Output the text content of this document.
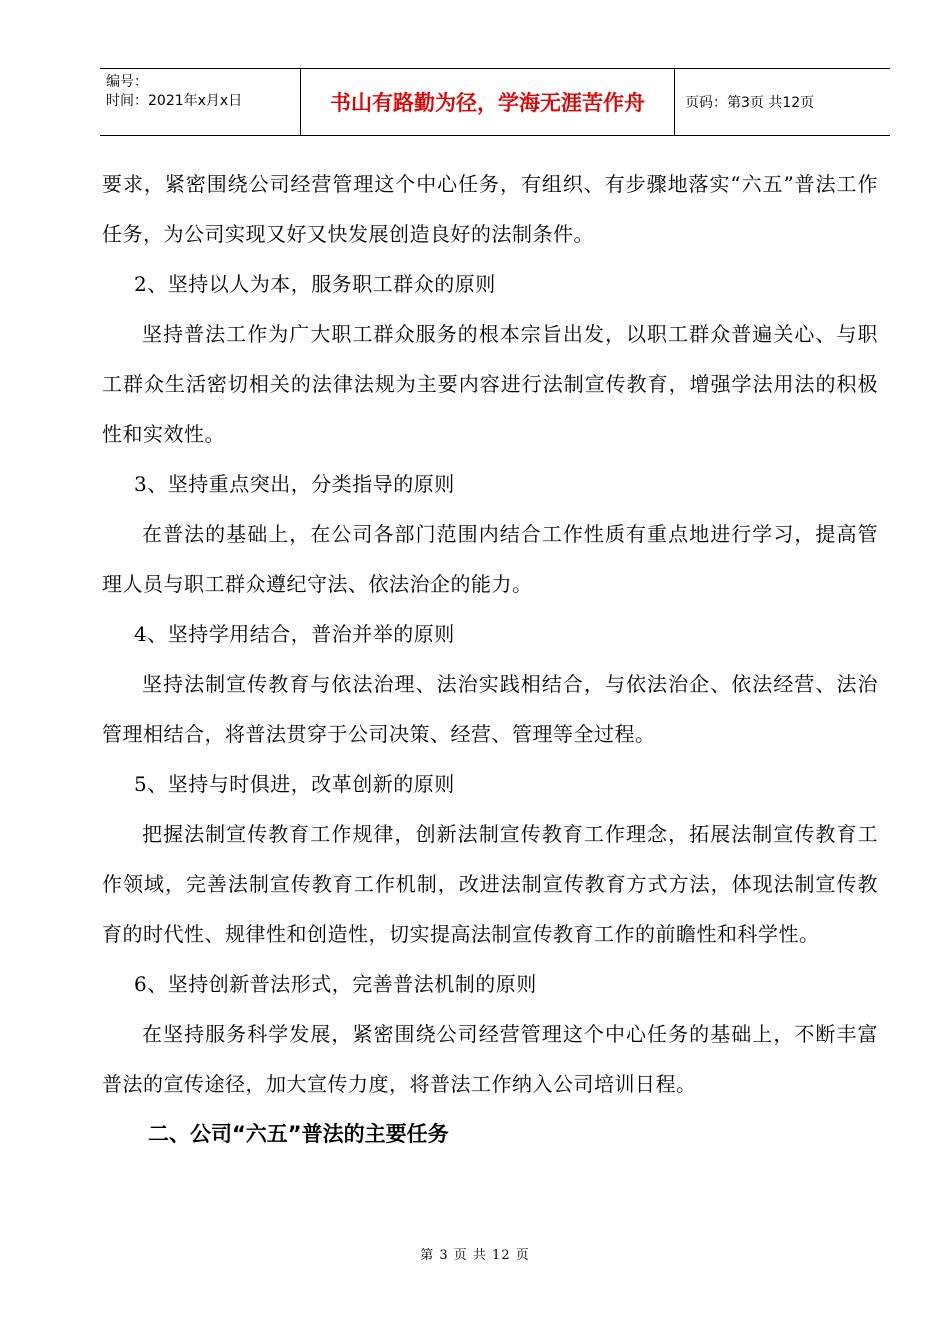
编号：
时间：2021年x月x日	书山有路勤为径，学海无涯苦作舟	页码：第3页 共12页

要求，紧密围绕公司经营管理这个中心任务，有组织、有步骤地落实“六五”普法工作任务，为公司实现又好又快发展创造良好的法制条件。

2、坚持以人为本，服务职工群众的原则

坚持普法工作为广大职工群众服务的根本宗旨出发，以职工群众普遍关心、与职工群众生活密切相关的法律法规为主要内容进行法制宣传教育，增强学法用法的积极性和实效性。

3、坚持重点突出，分类指导的原则

在普法的基础上，在公司各部门范围内结合工作性质有重点地进行学习，提高管理人员与职工群众遵纪守法、依法治企的能力。

4、坚持学用结合，普治并举的原则

坚持法制宣传教育与依法治理、法治实践相结合，与依法治企、依法经营、法治管理相结合，将普法贯穿于公司决策、经营、管理等全过程。

5、坚持与时俱进，改革创新的原则

把握法制宣传教育工作规律，创新法制宣传教育工作理念，拓展法制宣传教育工作领域，完善法制宣传教育工作机制，改进法制宣传教育方式方法，体现法制宣传教育的时代性、规律性和创造性，切实提高法制宣传教育工作的前瞻性和科学性。

6、坚持创新普法形式，完善普法机制的原则

在坚持服务科学发展，紧密围绕公司经营管理这个中心任务的基础上，不断丰富普法的宣传途径，加大宣传力度，将普法工作纳入公司培训日程。

二、公司“六五”普法的主要任务

第 3 页 共 12 页
